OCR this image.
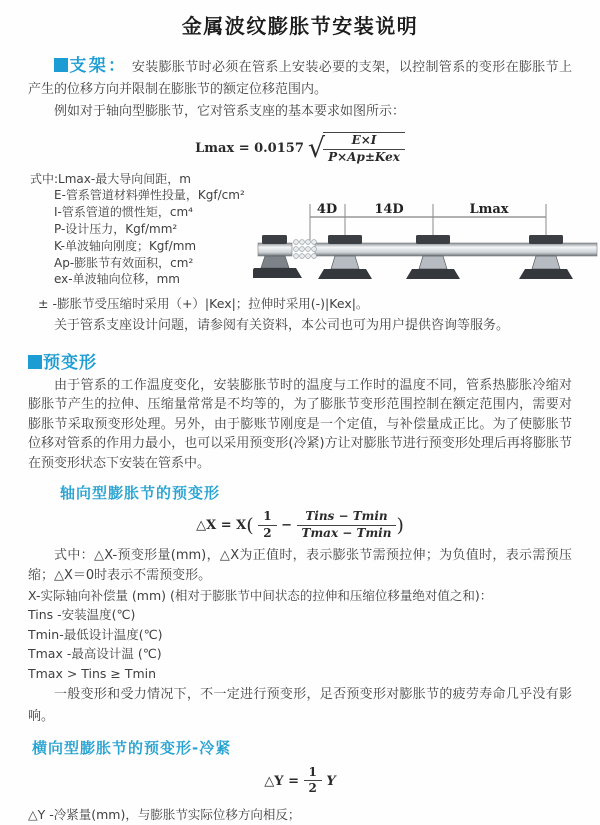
金属波纹膨胀节安装说明

支架： 安装膨胀节时必须在管系上安装必要的支架，以控制管系的变形在膨胀节上产生的位移方向并限制在膨胀节的额定位移范围内。

例如对于轴向型膨胀节，它对管系支座的基本要求如图所示：

Lmax = 0.0157 √
$\frac{E\times I}{\text{P×Ap±Kex}}$
式中:Lmax-最大导向间距，m
E-管系管道材料弹性投量，Kgf/cm²
I-管系管道的惯性矩，cm⁴
P-设计压力，Kgf/mm²
K-单波轴向刚度；Kgf/mm
Ap-膨胀节有效面积，cm²
ex-单波轴向位移，mm
4D	14D	Lmax

± -膨胀节受压缩时采用（+）|Kex|；拉伸时采用(-)|Kex|。

关于管系支座设计问题，请参阅有关资料，本公司也可为用户提供咨询等服务。

预变形

由于管系的工作温度变化，安装膨胀节时的温度与工作时的温度不同，管系热膨胀冷缩对膨胀节产生的拉伸、压缩量常常是不均等的，为了膨胀节变形范围控制在额定范围内，需要对膨胀节采取预变形处理。另外，由于膨账节刚度是一个定值，与补偿量成正比。为了使膨胀节位移对管系的作用力最小，也可以采用预变形(冷紧)方让对膨胀节进行预变形处理后再将膨胀节在预变形状态下安装在管系中。

轴向型膨胀节的预变形
△X = $X( \frac{1}{2} - \frac{\text{Tins − Tmin}}{Tmax - Tmin}$ )

式中：△X-预变形量(mm)，△X为正值时，表示膨张节需预拉伸；为负值时，表示需预压缩；△X＝0时表示不需预变形。

X-实际轴向补偿量 (mm) (相对于膨胀节中间状态的拉伸和压缩位移量绝对值之和)：

Tins -安装温度(℃)

Tmin-最低设计温度(℃)

Tmax -最高设计温 (℃)

Tmax > Tins ≥ Tmin

一般变形和受力情况下，不一定进行预变形，足否预变形对膨胀节的疲劳寿命几乎没有影响。

横向型膨胀节的预变形-冷紧
△Y = $\frac{1}{2}$ Y

△Y -冷紧量(mm)，与膨胀节实际位移方向相反；
